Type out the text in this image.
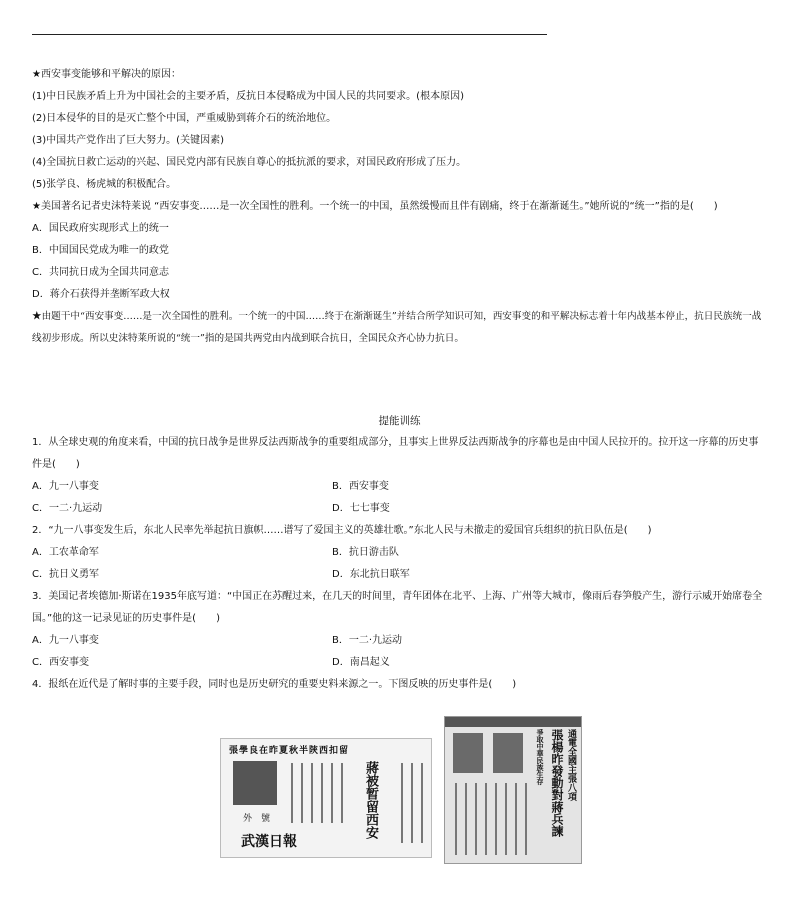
★西安事变能够和平解决的原因：
(1)中日民族矛盾上升为中国社会的主要矛盾，反抗日本侵略成为中国人民的共同要求。(根本原因)
(2)日本侵华的目的是灭亡整个中国，严重威胁到蒋介石的统治地位。
(3)中国共产党作出了巨大努力。(关键因素)
(4)全国抗日救亡运动的兴起、国民党内部有民族自尊心的抵抗派的要求，对国民政府形成了压力。
(5)张学良、杨虎城的积极配合。
★美国著名记者史沫特莱说 “西安事变……是一次全国性的胜利。一个统一的中国，虽然缓慢而且伴有剧痛，终于在渐渐诞生。”她所说的“统一”指的是(　　)
A．国民政府实现形式上的统一
B．中国国民党成为唯一的政党
C．共同抗日成为全国共同意志
D．蒋介石获得并垄断军政大权
★由题干中“西安事变……是一次全国性的胜利。一个统一的中国……终于在渐渐诞生”并结合所学知识可知，西安事变的和平解决标志着十年内战基本停止，抗日民族统一战线初步形成。所以史沫特莱所说的“统一”指的是国共两党由内战到联合抗日，全国民众齐心协力抗日。
提能训练
1．从全球史观的角度来看，中国的抗日战争是世界反法西斯战争的重要组成部分，且事实上世界反法西斯战争的序幕也是由中国人民拉开的。拉开这一序幕的历史事件是(　　)
A．九一八事变	B．西安事变
C．一二·九运动	D．七七事变
2．“九一八事变发生后，东北人民率先举起抗日旗帜……谱写了爱国主义的英雄壮歌。”东北人民与未撤走的爱国官兵组织的抗日队伍是(　　)
A．工农革命军	B．抗日游击队
C．抗日义勇军	D．东北抗日联军
3．美国记者埃德加·斯诺在1935年底写道：“中国正在苏醒过来，在几天的时间里，青年团体在北平、上海、广州等大城市，像雨后春笋般产生，游行示威开始席卷全国。”他的这一记录见证的历史事件是(　　)
A．九一八事变	B．一二·九运动
C．西安事变	D．南昌起义
4．报纸在近代是了解时事的主要手段，同时也是历史研究的重要史料来源之一。下图反映的历史事件是(　　)
張學良在昨夏秋半陝西扣留
蔣被暂留西安
外　號
武漢日報
爭取中華民族生存 張楊昨發動對蔣兵諫 通電全國主張八項
